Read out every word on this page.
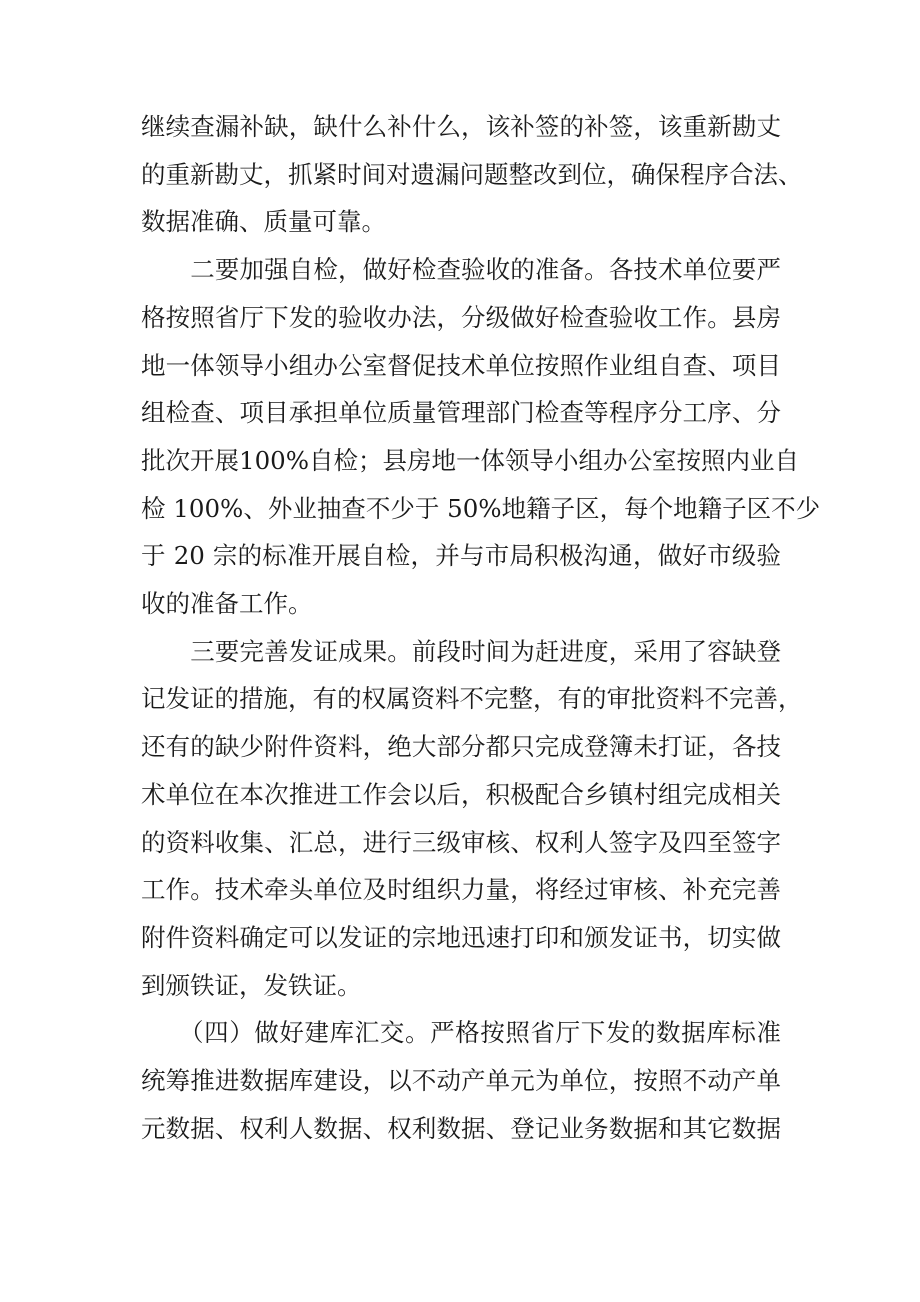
继续查漏补缺，缺什么补什么，该补签的补签，该重新勘丈
的重新勘丈，抓紧时间对遗漏问题整改到位，确保程序合法、
数据准确、质量可靠。
　　二要加强自检，做好检查验收的准备。各技术单位要严
格按照省厅下发的验收办法，分级做好检查验收工作。县房
地一体领导小组办公室督促技术单位按照作业组自查、项目
组检查、项目承担单位质量管理部门检查等程序分工序、分
批次开展100%自检；县房地一体领导小组办公室按照内业自
检 100%、外业抽查不少于 50%地籍子区，每个地籍子区不少
于 20 宗的标准开展自检，并与市局积极沟通，做好市级验
收的准备工作。
　　三要完善发证成果。前段时间为赶进度，采用了容缺登
记发证的措施，有的权属资料不完整，有的审批资料不完善，
还有的缺少附件资料，绝大部分都只完成登簿未打证，各技
术单位在本次推进工作会以后，积极配合乡镇村组完成相关
的资料收集、汇总，进行三级审核、权利人签字及四至签字
工作。技术牵头单位及时组织力量，将经过审核、补充完善
附件资料确定可以发证的宗地迅速打印和颁发证书，切实做
到颁铁证，发铁证。
　　（四）做好建库汇交。严格按照省厅下发的数据库标准
统筹推进数据库建设，以不动产单元为单位，按照不动产单
元数据、权利人数据、权利数据、登记业务数据和其它数据
